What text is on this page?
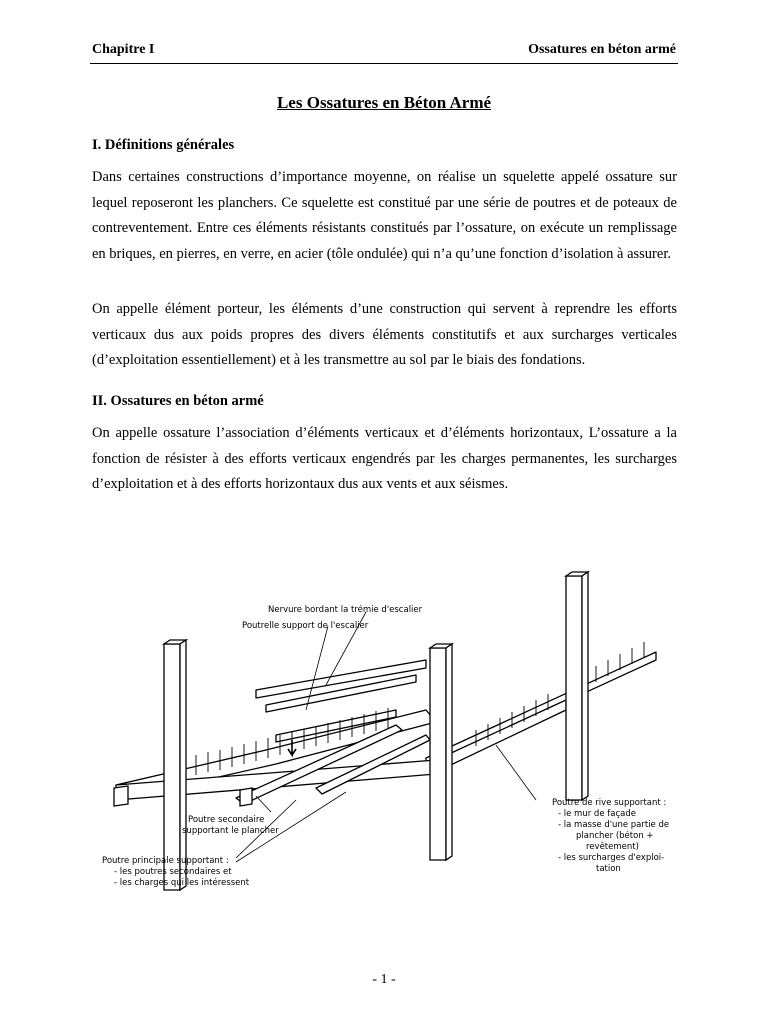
Chapitre I	Ossatures en béton armé
Les Ossatures en Béton Armé
I. Définitions générales

Dans certaines constructions d’importance moyenne, on réalise un squelette appelé ossature sur lequel reposeront les planchers. Ce squelette est constitué par une série de poutres et de poteaux de contreventement. Entre ces éléments résistants constitués par l’ossature, on exécute un remplissage en briques, en pierres, en verre, en acier (tôle ondulée) qui n’a qu’une fonction d’isolation à assurer.

On appelle élément porteur, les éléments d’une construction qui servent à reprendre les efforts verticaux dus aux poids propres des divers éléments constitutifs et aux surcharges verticales (d’exploitation essentiellement) et à les transmettre au sol par le biais des fondations.

II. Ossatures en béton armé

On appelle ossature l’association d’éléments verticaux et d’éléments horizontaux, L’ossature a la fonction de résister à des efforts verticaux engendrés par les charges permanentes, les surcharges d’exploitation et à des efforts horizontaux dus aux vents et aux séismes.

Nervure bordant la trémie d'escalier
Poutrelle support de l'escalier
Poutre secondaire supportant le plancher
Poutre principale supportant : - les poutres secondaires et - les charges qui les intéressent
Poutre de rive supportant : - le mur de façade - la masse d'une partie de plancher (béton + revêtement) - les surcharges d'exploi- tation
- 1 -
